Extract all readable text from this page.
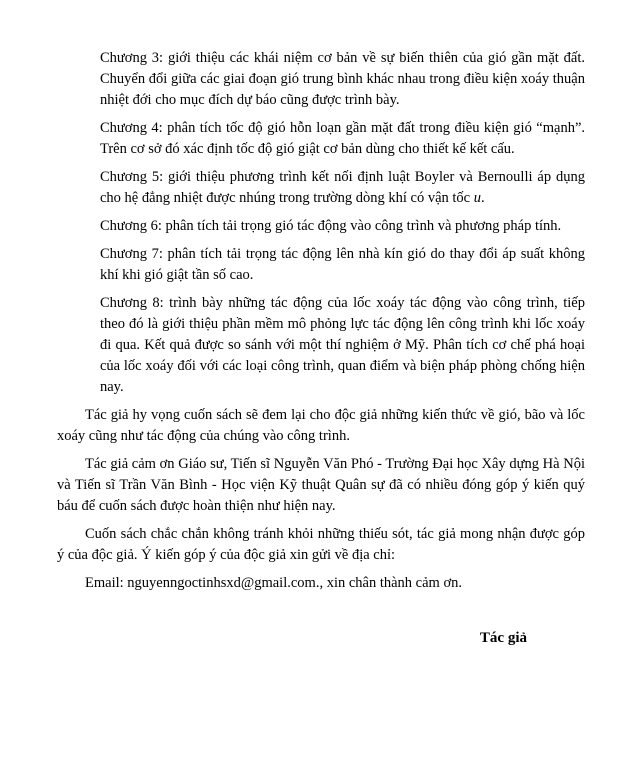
Chương 3: giới thiệu các khái niệm cơ bản về sự biến thiên của gió gần mặt đất. Chuyển đổi giữa các giai đoạn gió trung bình khác nhau trong điều kiện xoáy thuận nhiệt đới cho mục đích dự báo cũng được trình bày.

Chương 4: phân tích tốc độ gió hỗn loạn gần mặt đất trong điều kiện gió “mạnh”. Trên cơ sở đó xác định tốc độ gió giật cơ bản dùng cho thiết kế kết cấu.

Chương 5: giới thiệu phương trình kết nối định luật Boyler và Bernoulli áp dụng cho hệ đẳng nhiệt được nhúng trong trường dòng khí có vận tốc u.

Chương 6: phân tích tải trọng gió tác động vào công trình và phương pháp tính.

Chương 7: phân tích tải trọng tác động lên nhà kín gió do thay đổi áp suất không khí khi gió giật tần số cao.

Chương 8: trình bày những tác động của lốc xoáy tác động vào công trình, tiếp theo đó là giới thiệu phần mềm mô phỏng lực tác động lên công trình khi lốc xoáy đi qua. Kết quả được so sánh với một thí nghiệm ở Mỹ. Phân tích cơ chế phá hoại của lốc xoáy đối với các loại công trình, quan điểm và biện pháp phòng chống hiện nay.

Tác giả hy vọng cuốn sách sẽ đem lại cho độc giả những kiến thức về gió, bão và lốc xoáy cũng như tác động của chúng vào công trình.

Tác giả cảm ơn Giáo sư, Tiến sĩ Nguyễn Văn Phó - Trường Đại học Xây dựng Hà Nội và Tiến sĩ Trần Văn Bình - Học viện Kỹ thuật Quân sự đã có nhiều đóng góp ý kiến quý báu để cuốn sách được hoàn thiện như hiện nay.

Cuốn sách chắc chắn không tránh khỏi những thiếu sót, tác giả mong nhận được góp ý của độc giả. Ý kiến góp ý của độc giả xin gửi về địa chỉ:

Email: nguyenngoctinhsxd@gmail.com., xin chân thành cảm ơn.

Tác giả
